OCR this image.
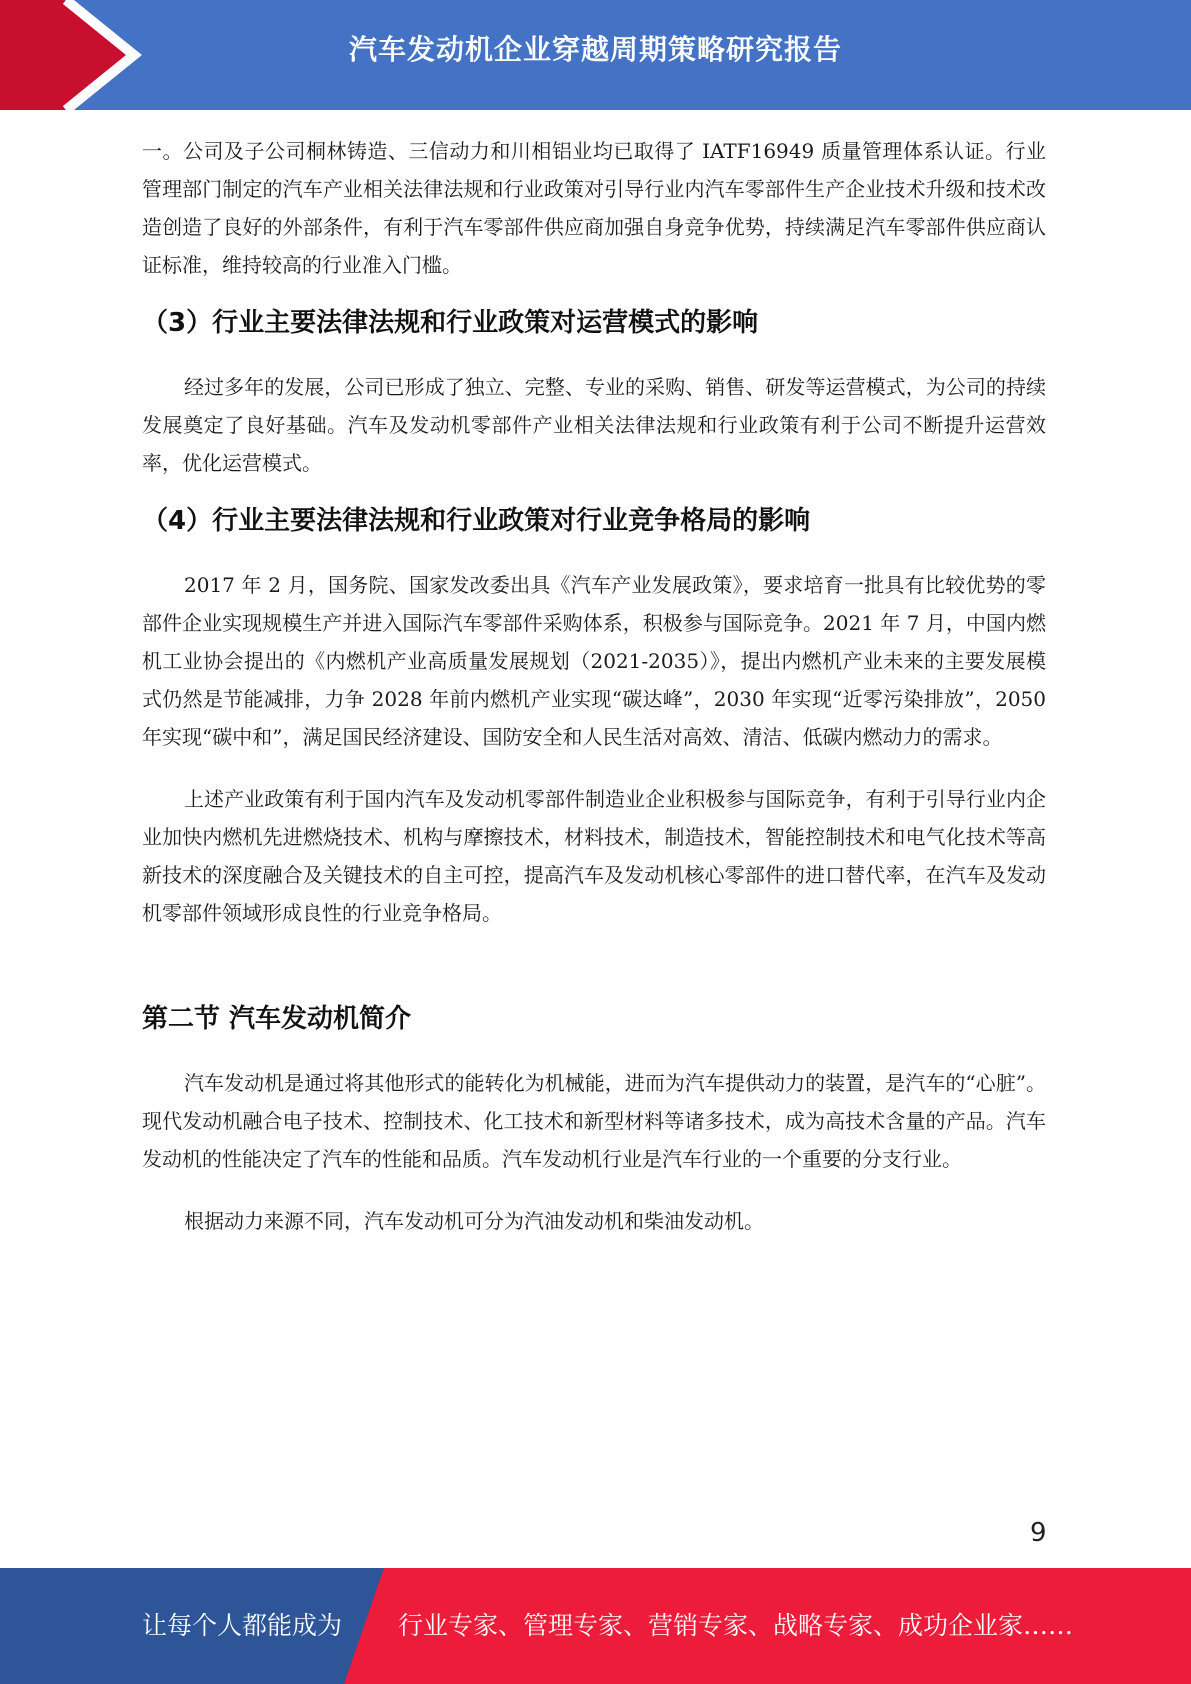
汽车发动机企业穿越周期策略研究报告

一。公司及子公司桐林铸造、三信动力和川相铝业均已取得了 IATF16949 质量管理体系认证。行业管理部门制定的汽车产业相关法律法规和行业政策对引导行业内汽车零部件生产企业技术升级和技术改造创造了良好的外部条件，有利于汽车零部件供应商加强自身竞争优势，持续满足汽车零部件供应商认证标准，维持较高的行业准入门槛。

（3）行业主要法律法规和行业政策对运营模式的影响

经过多年的发展，公司已形成了独立、完整、专业的采购、销售、研发等运营模式，为公司的持续发展奠定了良好基础。汽车及发动机零部件产业相关法律法规和行业政策有利于公司不断提升运营效率，优化运营模式。

（4）行业主要法律法规和行业政策对行业竞争格局的影响

2017 年 2 月，国务院、国家发改委出具《汽车产业发展政策》，要求培育一批具有比较优势的零部件企业实现规模生产并进入国际汽车零部件采购体系，积极参与国际竞争。2021 年 7 月，中国内燃机工业协会提出的《内燃机产业高质量发展规划（2021-2035）》，提出内燃机产业未来的主要发展模式仍然是节能减排，力争 2028 年前内燃机产业实现“碳达峰”，2030 年实现“近零污染排放”，2050 年实现“碳中和”，满足国民经济建设、国防安全和人民生活对高效、清洁、低碳内燃动力的需求。

上述产业政策有利于国内汽车及发动机零部件制造业企业积极参与国际竞争，有利于引导行业内企业加快内燃机先进燃烧技术、机构与摩擦技术，材料技术，制造技术，智能控制技术和电气化技术等高新技术的深度融合及关键技术的自主可控，提高汽车及发动机核心零部件的进口替代率，在汽车及发动机零部件领域形成良性的行业竞争格局。

第二节 汽车发动机简介

汽车发动机是通过将其他形式的能转化为机械能，进而为汽车提供动力的装置，是汽车的“心脏”。现代发动机融合电子技术、控制技术、化工技术和新型材料等诸多技术，成为高技术含量的产品。汽车发动机的性能决定了汽车的性能和品质。汽车发动机行业是汽车行业的一个重要的分支行业。

根据动力来源不同，汽车发动机可分为汽油发动机和柴油发动机。

9
让每个人都能成为 行业专家、管理专家、营销专家、战略专家、成功企业家……
